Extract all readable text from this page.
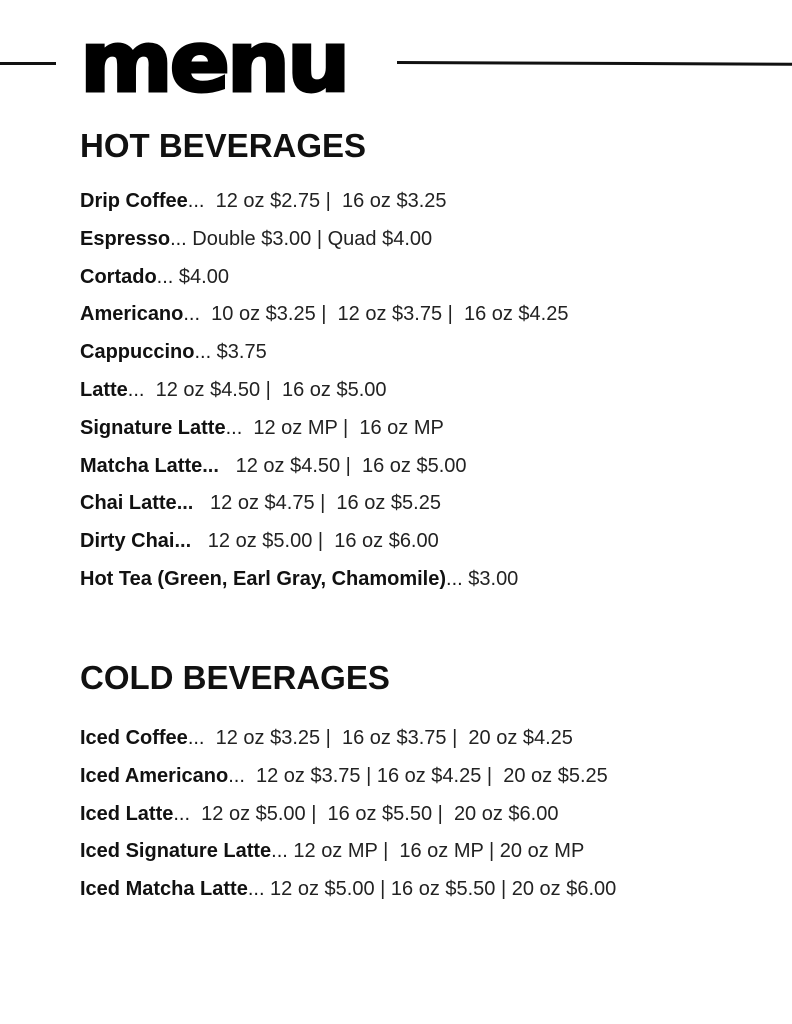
menu
HOT BEVERAGES
Drip Coffee...  12 oz $2.75 |  16 oz $3.25
Espresso... Double $3.00 | Quad $4.00
Cortado... $4.00
Americano...  10 oz $3.25 |  12 oz $3.75 |  16 oz $4.25
Cappuccino... $3.75
Latte...  12 oz $4.50 |  16 oz $5.00
Signature Latte...  12 oz MP |  16 oz MP
Matcha Latte...   12 oz $4.50 |  16 oz $5.00
Chai Latte...   12 oz $4.75 |  16 oz $5.25
Dirty Chai...   12 oz $5.00 |  16 oz $6.00
Hot Tea (Green, Earl Gray, Chamomile)... $3.00
COLD BEVERAGES
Iced Coffee...  12 oz $3.25 |  16 oz $3.75 |  20 oz $4.25
Iced Americano...  12 oz $3.75 | 16 oz $4.25 |  20 oz $5.25
Iced Latte...  12 oz $5.00 |  16 oz $5.50 |  20 oz $6.00
Iced Signature Latte... 12 oz MP |  16 oz MP | 20 oz MP
Iced Matcha Latte... 12 oz $5.00 | 16 oz $5.50 | 20 oz $6.00
